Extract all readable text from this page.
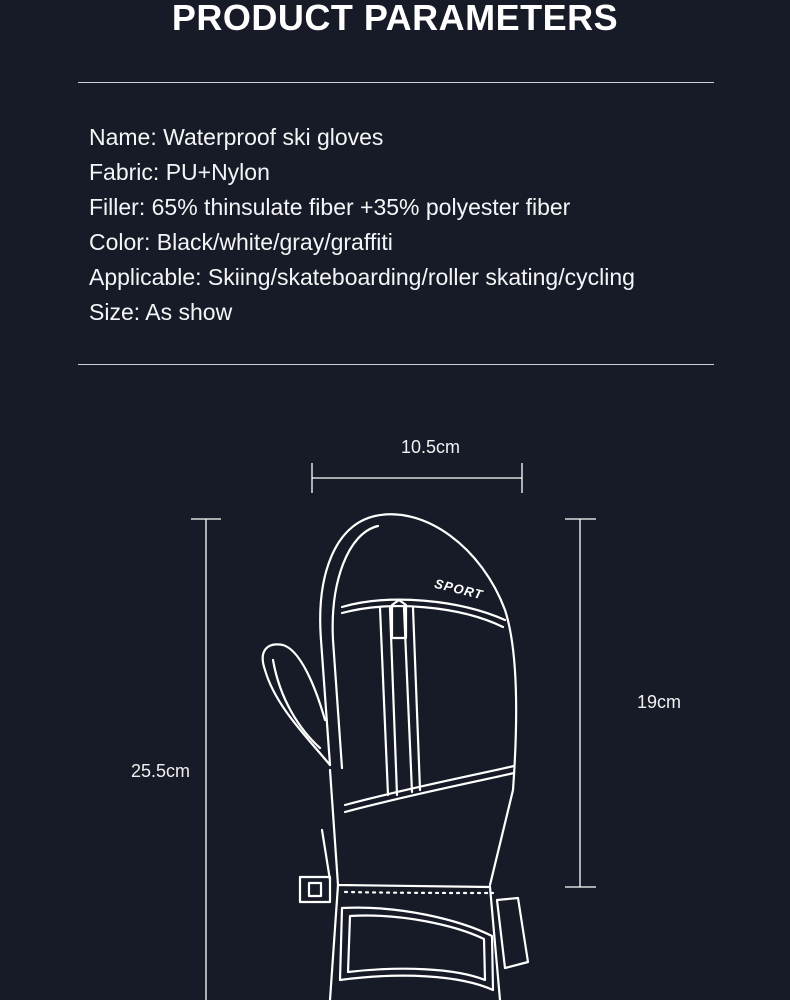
PRODUCT PARAMETERS
Name: Waterproof ski gloves
Fabric: PU+Nylon
Filler: 65% thinsulate fiber +35% polyester fiber
Color: Black/white/gray/graffiti
Applicable: Skiing/skateboarding/roller skating/cycling
Size: As show
SPORT
3M
10.5cm
25.5cm
19cm
